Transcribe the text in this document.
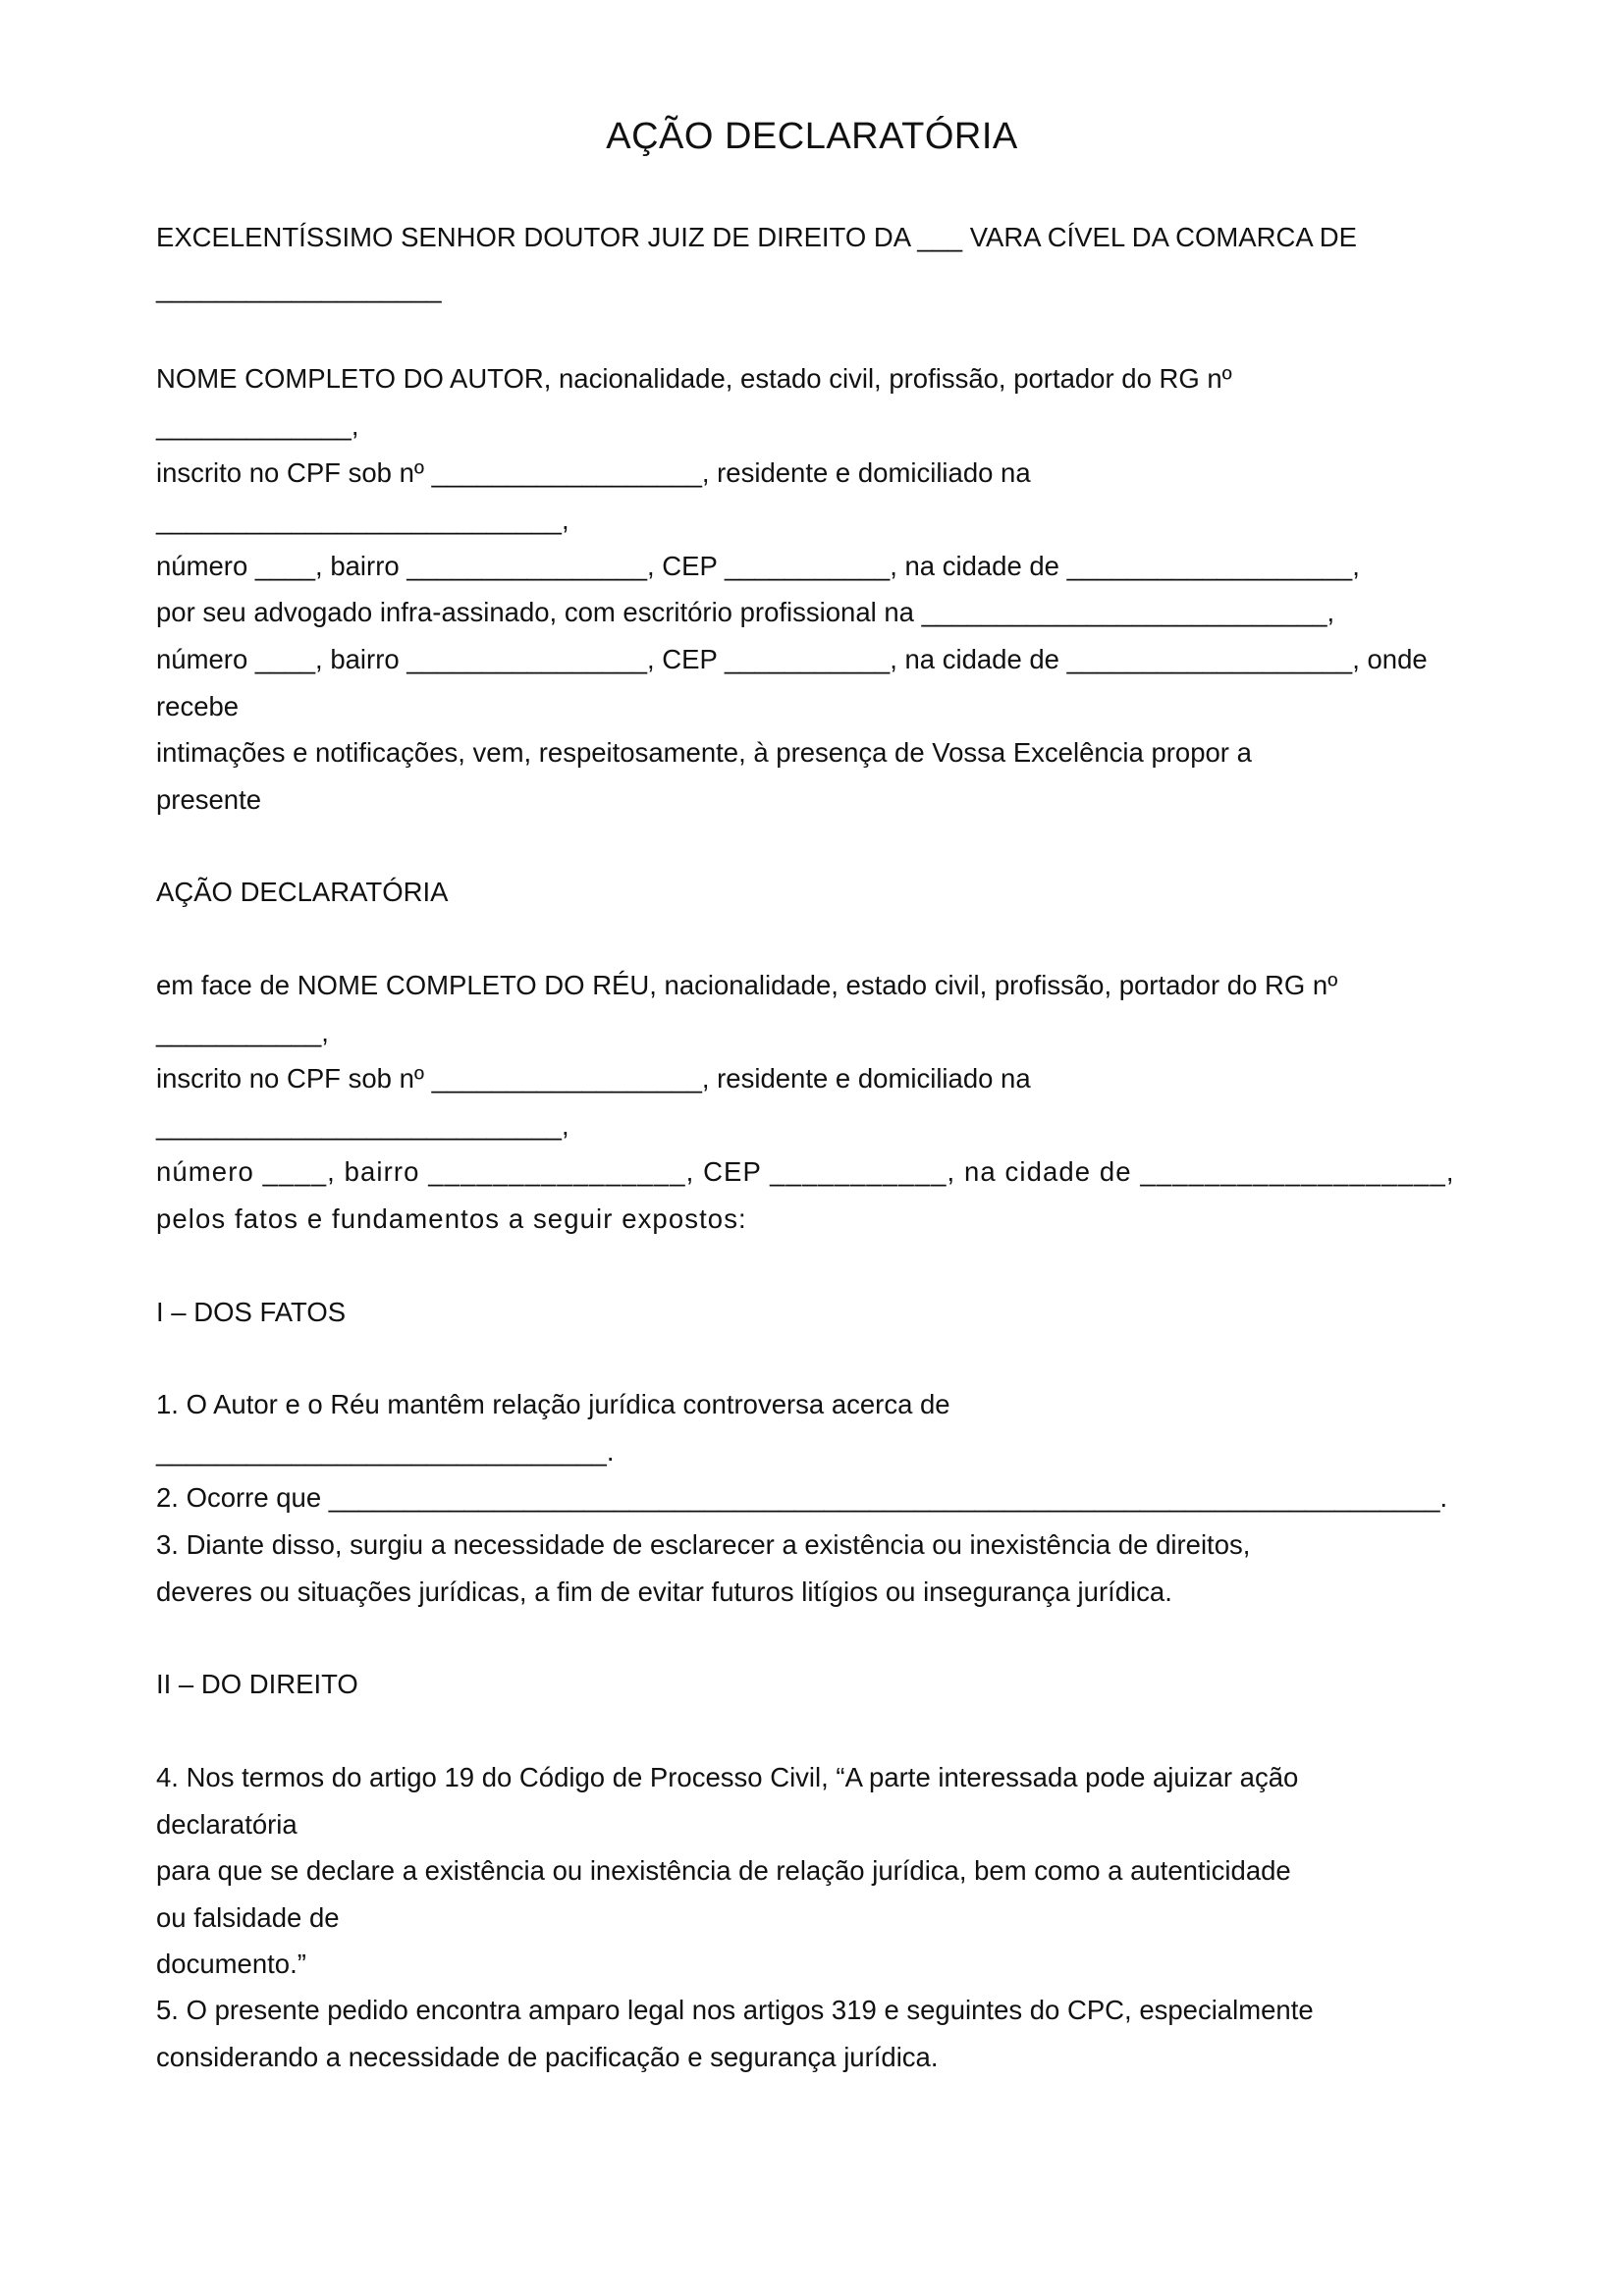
AÇÃO DECLARATÓRIA
EXCELENTÍSSIMO SENHOR DOUTOR JUIZ DE DIREITO DA ___ VARA CÍVEL DA COMARCA DE
___________________
NOME COMPLETO DO AUTOR, nacionalidade, estado civil, profissão, portador do RG nº
_____________,
inscrito no CPF sob nº __________________, residente e domiciliado na
___________________________,
número ____, bairro ________________, CEP ___________, na cidade de ___________________,
por seu advogado infra-assinado, com escritório profissional na ___________________________,
número ____, bairro ________________, CEP ___________, na cidade de ___________________, onde
recebe
intimações e notificações, vem, respeitosamente, à presença de Vossa Excelência propor a
presente
AÇÃO DECLARATÓRIA
em face de NOME COMPLETO DO RÉU, nacionalidade, estado civil, profissão, portador do RG nº
___________,
inscrito no CPF sob nº __________________, residente e domiciliado na
___________________________,
número ____, bairro ________________, CEP ___________, na cidade de ___________________,
pelos fatos e fundamentos a seguir expostos:
I – DOS FATOS
1. O Autor e o Réu mantêm relação jurídica controversa acerca de
______________________________.
2. Ocorre que __________________________________________________________________________.
3. Diante disso, surgiu a necessidade de esclarecer a existência ou inexistência de direitos,
deveres ou situações jurídicas, a fim de evitar futuros litígios ou insegurança jurídica.
II – DO DIREITO
4. Nos termos do artigo 19 do Código de Processo Civil, “A parte interessada pode ajuizar ação
declaratória
para que se declare a existência ou inexistência de relação jurídica, bem como a autenticidade
ou falsidade de
documento.”
5. O presente pedido encontra amparo legal nos artigos 319 e seguintes do CPC, especialmente
considerando a necessidade de pacificação e segurança jurídica.
